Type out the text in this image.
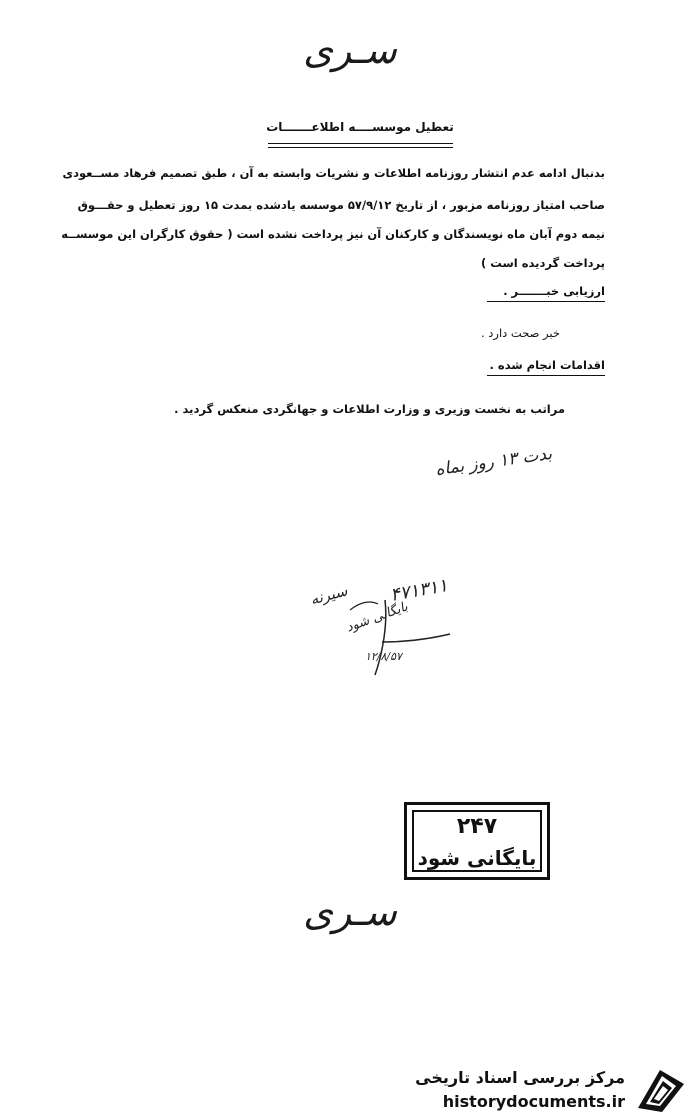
سـری
تعطیل موسســــه اطلاعـــــــات
بدنبال ادامه عدم انتشار روزنامه اطلاعات و نشریات وابسته به آن ، طبق تصمیم فرهاد مســعودی
صاحب امتیاز روزنامه مزبور ، از تاریخ ۵۷/۹/۱۲ موسسه یادشده بمدت ۱۵ روز تعطیل و حقـــوق
نیمه دوم آبان ماه نویسندگان و کارکنان آن نیز پرداخت نشده است ( حقوق کارگران این موسســه
پرداخت گردیده است )
ارزیابی خبـــــــر .
خبر صحت دارد .
اقدامات انجام شده .
مراتب به نخست وزیری و وزارت اطلاعات و جهانگردی منعکس گردید .
بدت ۱۳ روز بماه
۴۷۱۳۱۱
سیرنه
بایگانی شود
۱۲/۸/۵۷
۲۴۷
بایگانی شود
سـری
مرکز بررسی اسناد تاریخی
historydocuments.ir
